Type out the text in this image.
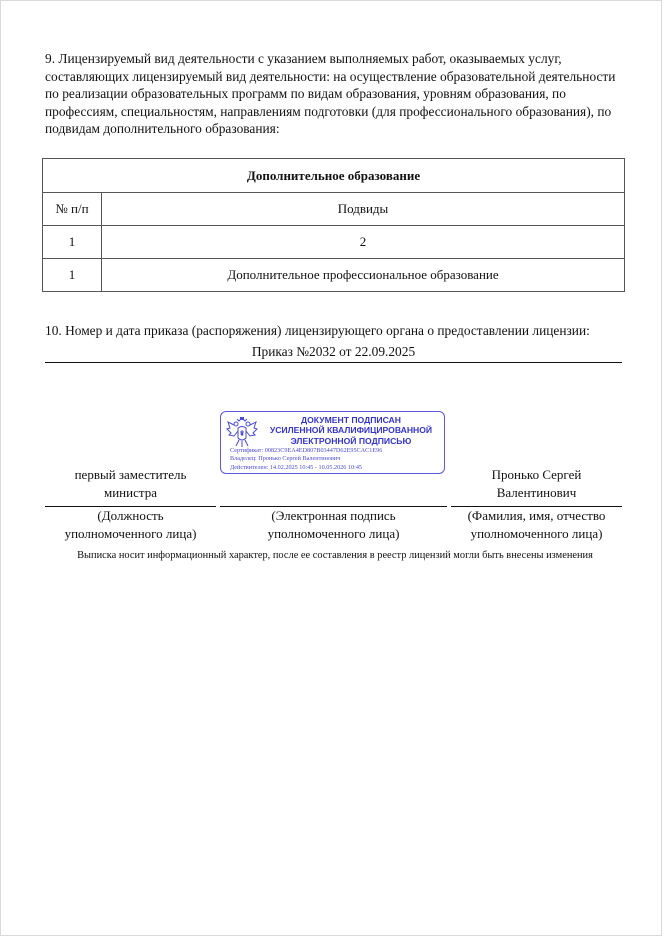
9. Лицензируемый вид деятельности с указанием выполняемых работ, оказываемых услуг, составляющих лицензируемый вид деятельности: на осуществление образовательной деятельности по реализации образовательных программ по видам образования, уровням образования, по профессиям, специальностям, направлениям подготовки (для профессионального образования), по подвидам дополнительного образования:
Дополнительное образование	
№ п/п	Подвиды
1	2
1	Дополнительное профессиональное образование
10. Номер и дата приказа (распоряжения) лицензирующего органа о предоставлении лицензии:
Приказ №2032 от 22.09.2025
ДОКУМЕНТ ПОДПИСАН
УСИЛЕННОЙ КВАЛИФИЦИРОВАННОЙ
ЭЛЕКТРОННОЙ ПОДПИСЬЮ
Сертификат: 00823C9EA4ED807B03447D62E95CAC1E96
Владелец: Пронько Сергей Валентинович
Действителен: 14.02.2025 10:45 - 10.05.2026 10:45
первый заместитель
министра
Пронько Сергей
Валентинович
(Должность
уполномоченного лица)
(Электронная подпись
уполномоченного лица)
(Фамилия, имя, отчество
уполномоченного лица)
Выписка носит информационный характер, после ее составления в реестр лицензий могли быть внесены изменения
